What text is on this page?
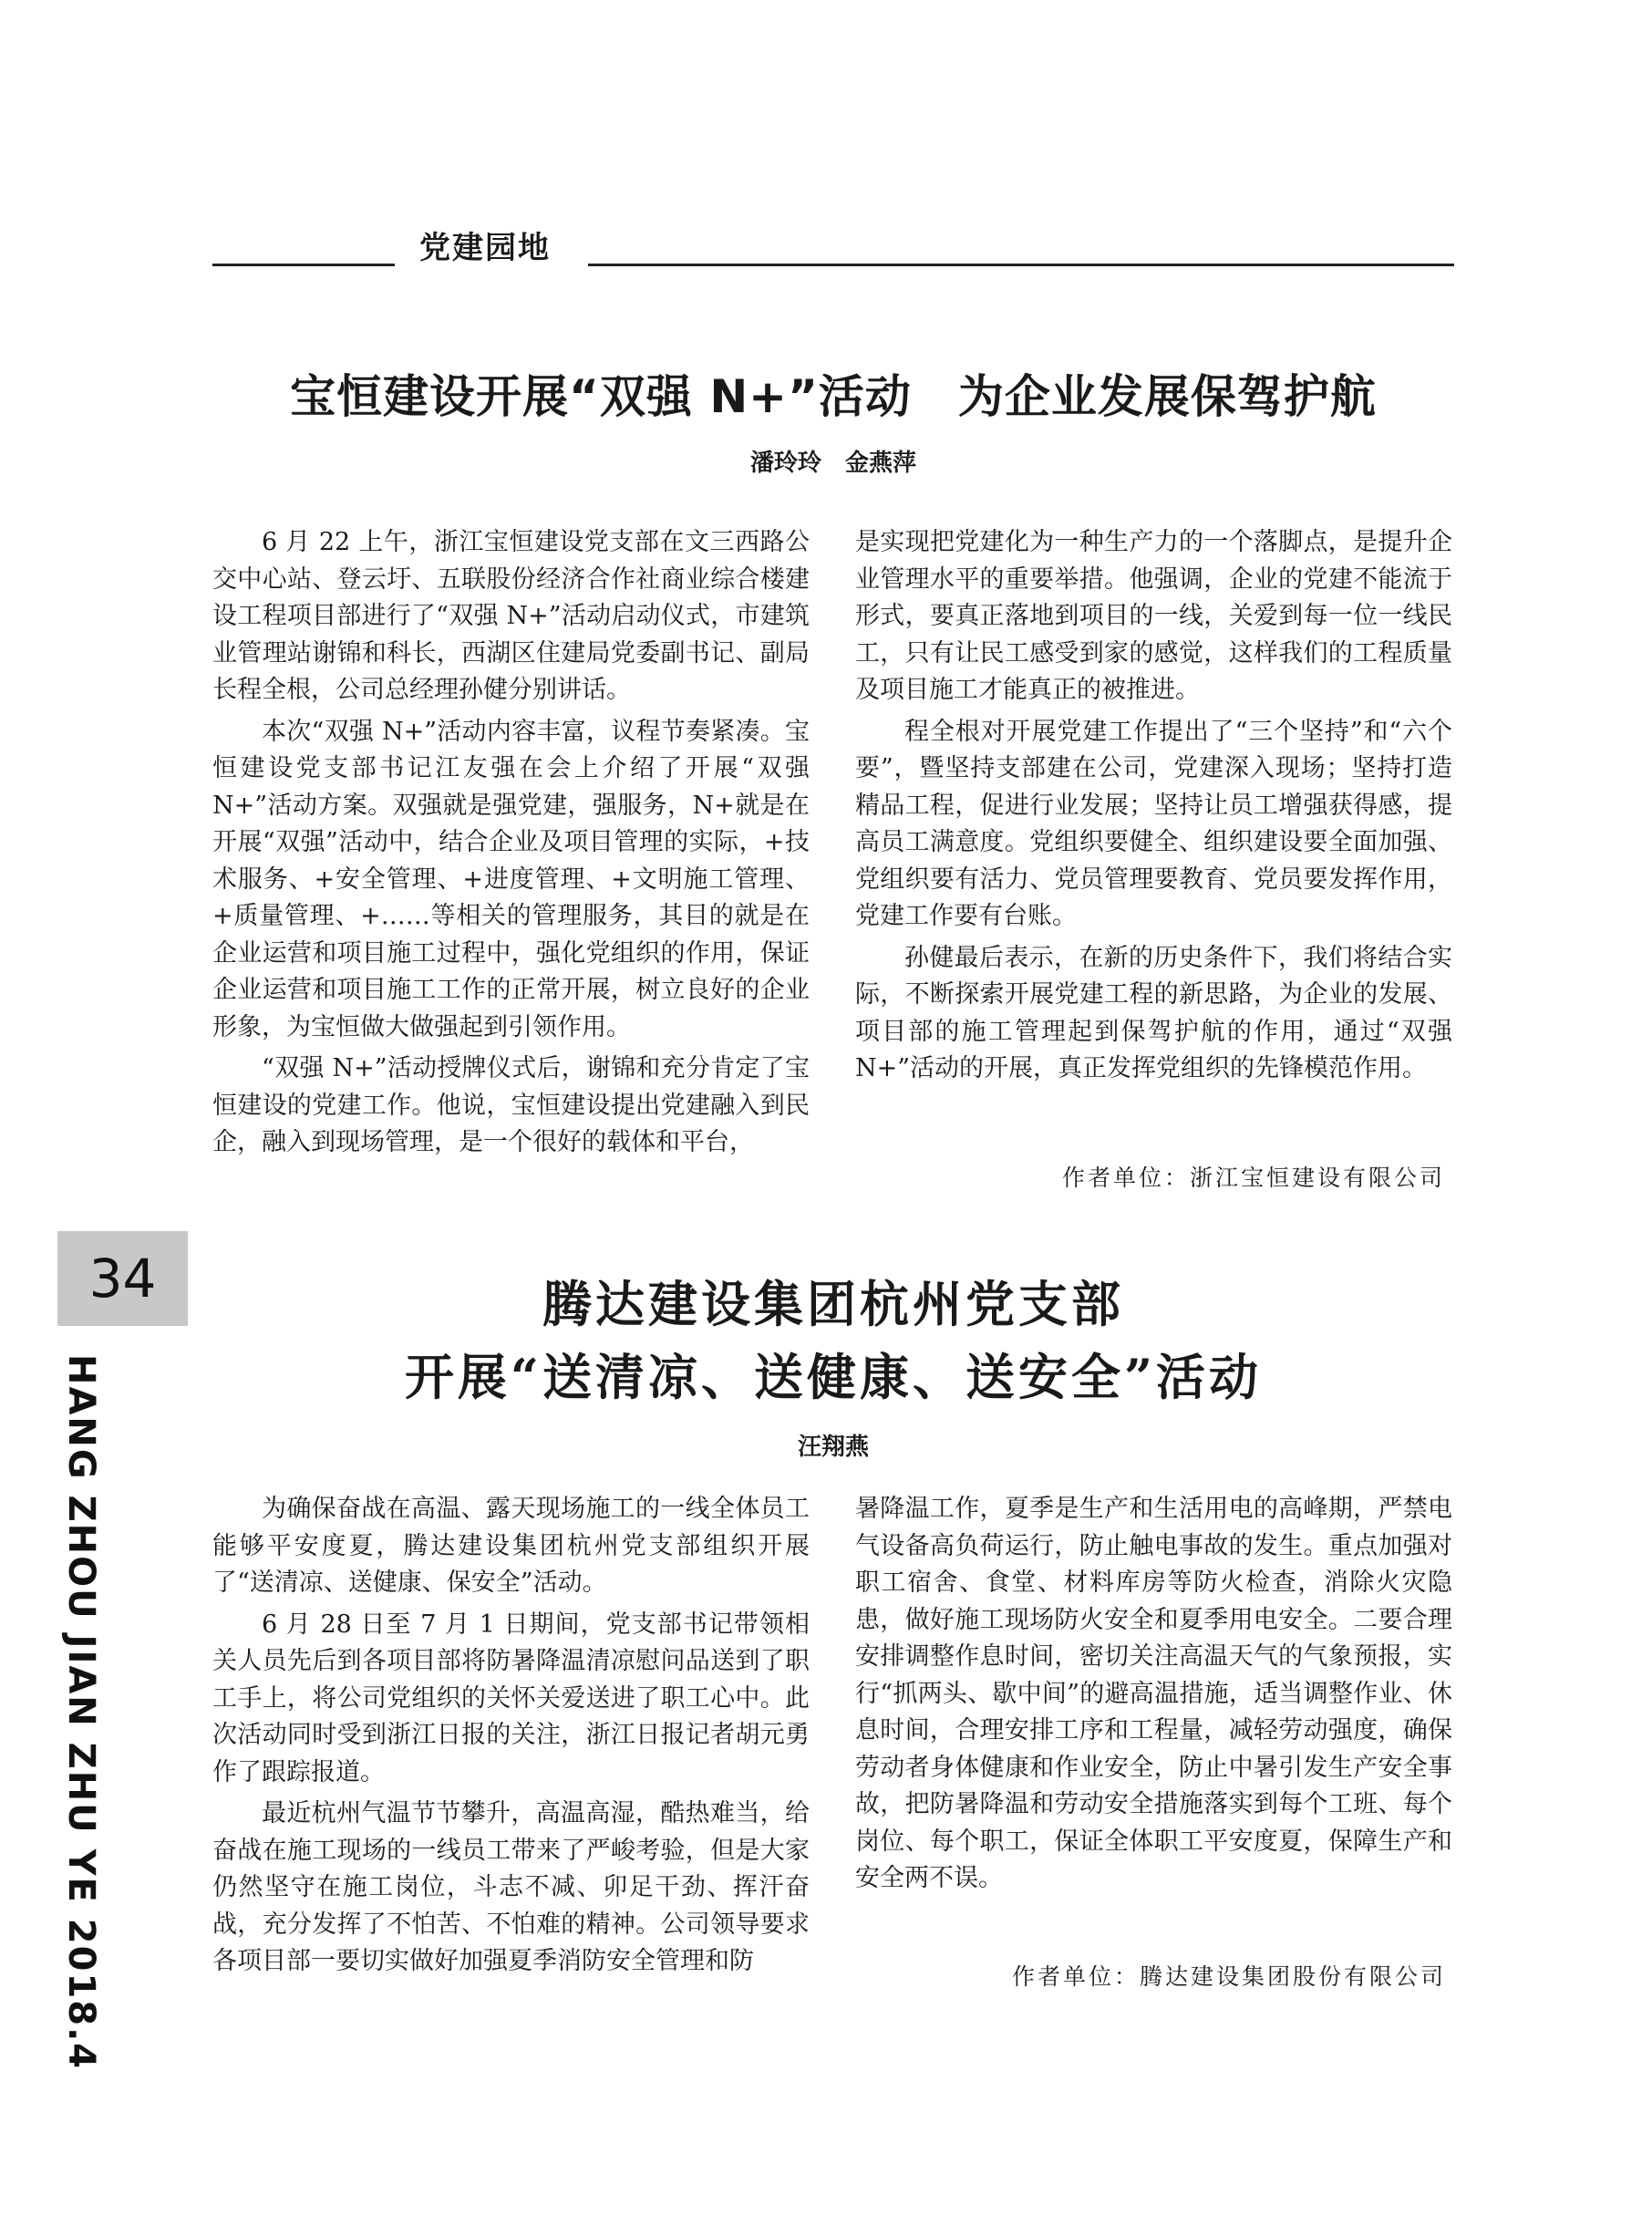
党建园地
宝恒建设开展“双强 N+”活动　为企业发展保驾护航
潘玲玲　金燕萍

6 月 22 上午，浙江宝恒建设党支部在文三西路公交中心站、登云圩、五联股份经济合作社商业综合楼建设工程项目部进行了“双强 N+”活动启动仪式，市建筑业管理站谢锦和科长，西湖区住建局党委副书记、副局长程全根，公司总经理孙健分别讲话。

本次“双强 N+”活动内容丰富，议程节奏紧凑。宝恒建设党支部书记江友强在会上介绍了开展“双强 N+”活动方案。双强就是强党建，强服务，N+就是在开展“双强”活动中，结合企业及项目管理的实际，+技术服务、+安全管理、+进度管理、+文明施工管理、+质量管理、+……等相关的管理服务，其目的就是在企业运营和项目施工过程中，强化党组织的作用，保证企业运营和项目施工工作的正常开展，树立良好的企业形象，为宝恒做大做强起到引领作用。

“双强 N+”活动授牌仪式后，谢锦和充分肯定了宝恒建设的党建工作。他说，宝恒建设提出党建融入到民企，融入到现场管理，是一个很好的载体和平台，

是实现把党建化为一种生产力的一个落脚点，是提升企业管理水平的重要举措。他强调，企业的党建不能流于形式，要真正落地到项目的一线，关爱到每一位一线民工，只有让民工感受到家的感觉，这样我们的工程质量及项目施工才能真正的被推进。

程全根对开展党建工作提出了“三个坚持”和“六个要”，暨坚持支部建在公司，党建深入现场；坚持打造精品工程，促进行业发展；坚持让员工增强获得感，提高员工满意度。党组织要健全、组织建设要全面加强、党组织要有活力、党员管理要教育、党员要发挥作用，党建工作要有台账。

孙健最后表示，在新的历史条件下，我们将结合实际，不断探索开展党建工程的新思路，为企业的发展、项目部的施工管理起到保驾护航的作用，通过“双强 N+”活动的开展，真正发挥党组织的先锋模范作用。

作者单位：浙江宝恒建设有限公司
34
HANG ZHOU JIAN ZHU YE 2018.4
腾达建设集团杭州党支部
开展“送清凉、送健康、送安全”活动
汪翔燕

为确保奋战在高温、露天现场施工的一线全体员工能够平安度夏，腾达建设集团杭州党支部组织开展了“送清凉、送健康、保安全”活动。

6 月 28 日至 7 月 1 日期间，党支部书记带领相关人员先后到各项目部将防暑降温清凉慰问品送到了职工手上，将公司党组织的关怀关爱送进了职工心中。此次活动同时受到浙江日报的关注，浙江日报记者胡元勇作了跟踪报道。

最近杭州气温节节攀升，高温高湿，酷热难当，给奋战在施工现场的一线员工带来了严峻考验，但是大家仍然坚守在施工岗位，斗志不减、卯足干劲、挥汗奋战，充分发挥了不怕苦、不怕难的精神。公司领导要求各项目部一要切实做好加强夏季消防安全管理和防

暑降温工作，夏季是生产和生活用电的高峰期，严禁电气设备高负荷运行，防止触电事故的发生。重点加强对职工宿舍、食堂、材料库房等防火检查，消除火灾隐患，做好施工现场防火安全和夏季用电安全。二要合理安排调整作息时间，密切关注高温天气的气象预报，实行“抓两头、歇中间”的避高温措施，适当调整作业、休息时间，合理安排工序和工程量，减轻劳动强度，确保劳动者身体健康和作业安全，防止中暑引发生产安全事故，把防暑降温和劳动安全措施落实到每个工班、每个岗位、每个职工，保证全体职工平安度夏，保障生产和安全两不误。

作者单位：腾达建设集团股份有限公司
